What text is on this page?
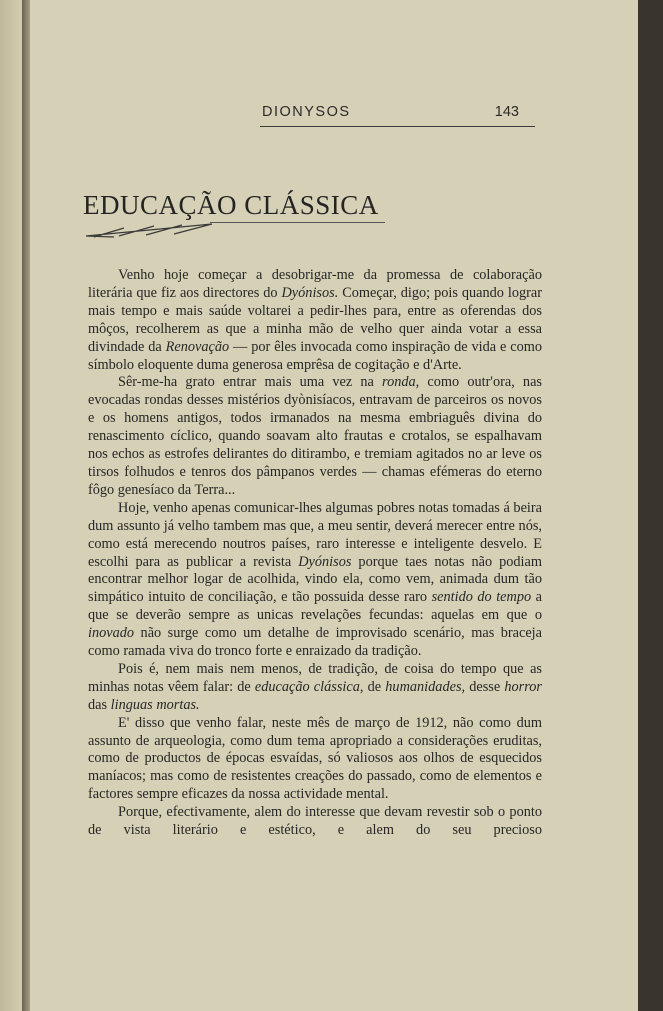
DIONYSOS	143
EDUCAÇÃO CLÁSSICA

Venho hoje começar a desobrigar-me da promessa de colaboração literária que fiz aos directores do Dyónisos. Começar, digo; pois quando lograr mais tempo e mais saúde voltarei a pedir-lhes para, entre as oferendas dos môços, recolherem as que a minha mão de velho quer ainda votar a essa divindade da Renovação — por êles invocada como inspiração de vida e como símbolo eloquente duma generosa emprêsa de cogitação e d'Arte.

Sêr-me-ha grato entrar mais uma vez na ronda, como outr'ora, nas evocadas rondas desses mistérios dyònisíacos, entravam de parceiros os novos e os homens antigos, todos irmanados na mesma embriaguês divina do renascimento cíclico, quando soavam alto frautas e crotalos, se espalhavam nos echos as estrofes delirantes do ditirambo, e tremiam agitados no ar leve os tirsos folhudos e tenros dos pâmpanos verdes — chamas efémeras do eterno fôgo genesíaco da Terra...

Hoje, venho apenas comunicar-lhes algumas pobres notas tomadas á beira dum assunto já velho tambem mas que, a meu sentir, deverá merecer entre nós, como está merecendo noutros países, raro interesse e inteligente desvelo. E escolhi para as publicar a revista Dyónisos porque taes notas não podiam encontrar melhor logar de acolhida, vindo ela, como vem, animada dum tão simpático intuito de conciliação, e tão possuida desse raro sentido do tempo a que se deverão sempre as unicas revelações fecundas: aquelas em que o inovado não surge como um detalhe de improvisado scenário, mas braceja como ramada viva do tronco forte e enraizado da tradição.

Pois é, nem mais nem menos, de tradição, de coisa do tempo que as minhas notas vêem falar: de educação clássica, de humanidades, desse horror das linguas mortas.

E' disso que venho falar, neste mês de março de 1912, não como dum assunto de arqueologia, como dum tema apropriado a considerações eruditas, como de productos de épocas esvaídas, só valiosos aos olhos de esquecidos maníacos; mas como de resistentes creações do passado, como de elementos e factores sempre eficazes da nossa actividade mental.

Porque, efectivamente, alem do interesse que devam revestir sob o ponto de vista literário e estético, e alem do seu precioso
